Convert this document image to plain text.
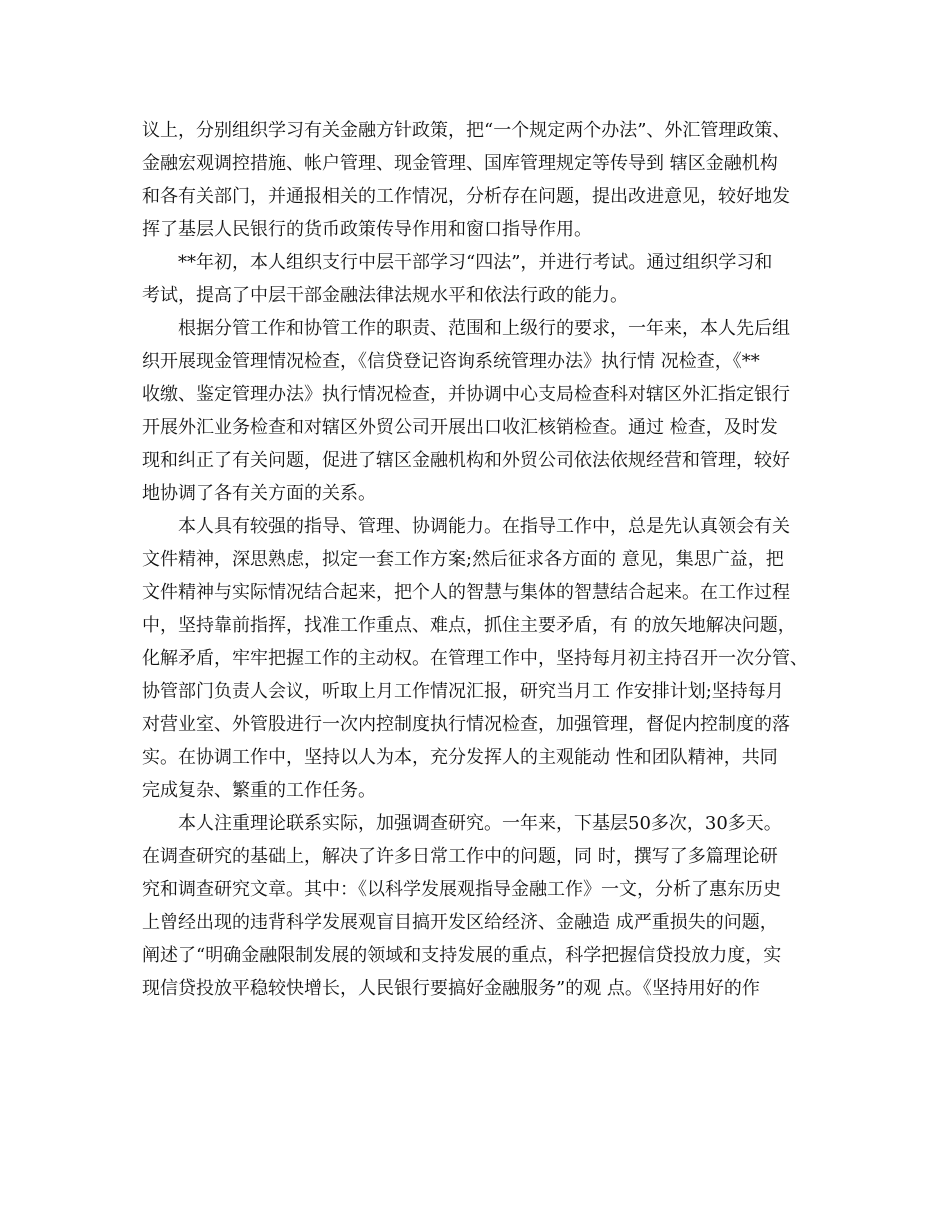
议上，分别组织学习有关金融方针政策，把“一个规定两个办法”、外汇管理政策、
金融宏观调控措施、帐户管理、现金管理、国库管理规定等传导到 辖区金融机构
和各有关部门，并通报相关的工作情况，分析存在问题，提出改进意见，较好地发
挥了基层人民银行的货币政策传导作用和窗口指导作用。
**年初，本人组织支行中层干部学习“四法”，并进行考试。通过组织学习和
考试，提高了中层干部金融法律法规水平和依法行政的能力。
根据分管工作和协管工作的职责、范围和上级行的要求，一年来，本人先后组
织开展现金管理情况检查，《信贷登记咨询系统管理办法》执行情 况检查，《**
收缴、鉴定管理办法》执行情况检查，并协调中心支局检查科对辖区外汇指定银行
开展外汇业务检查和对辖区外贸公司开展出口收汇核销检查。通过 检查，及时发
现和纠正了有关问题，促进了辖区金融机构和外贸公司依法依规经营和管理，较好
地协调了各有关方面的关系。
本人具有较强的指导、管理、协调能力。在指导工作中，总是先认真领会有关
文件精神，深思熟虑，拟定一套工作方案;然后征求各方面的 意见，集思广益，把
文件精神与实际情况结合起来，把个人的智慧与集体的智慧结合起来。在工作过程
中，坚持靠前指挥，找准工作重点、难点，抓住主要矛盾，有 的放矢地解决问题，
化解矛盾，牢牢把握工作的主动权。在管理工作中，坚持每月初主持召开一次分管、
协管部门负责人会议，听取上月工作情况汇报，研究当月工 作安排计划;坚持每月
对营业室、外管股进行一次内控制度执行情况检查，加强管理，督促内控制度的落
实。在协调工作中，坚持以人为本，充分发挥人的主观能动 性和团队精神，共同
完成复杂、繁重的工作任务。
本人注重理论联系实际，加强调查研究。一年来，下基层50多次，30多天。
在调查研究的基础上，解决了许多日常工作中的问题，同 时，撰写了多篇理论研
究和调查研究文章。其中：《以科学发展观指导金融工作》一文，分析了惠东历史
上曾经出现的违背科学发展观盲目搞开发区给经济、金融造 成严重损失的问题，
阐述了“明确金融限制发展的领域和支持发展的重点，科学把握信贷投放力度，实
现信贷投放平稳较快增长，人民银行要搞好金融服务”的观 点。《坚持用好的作
